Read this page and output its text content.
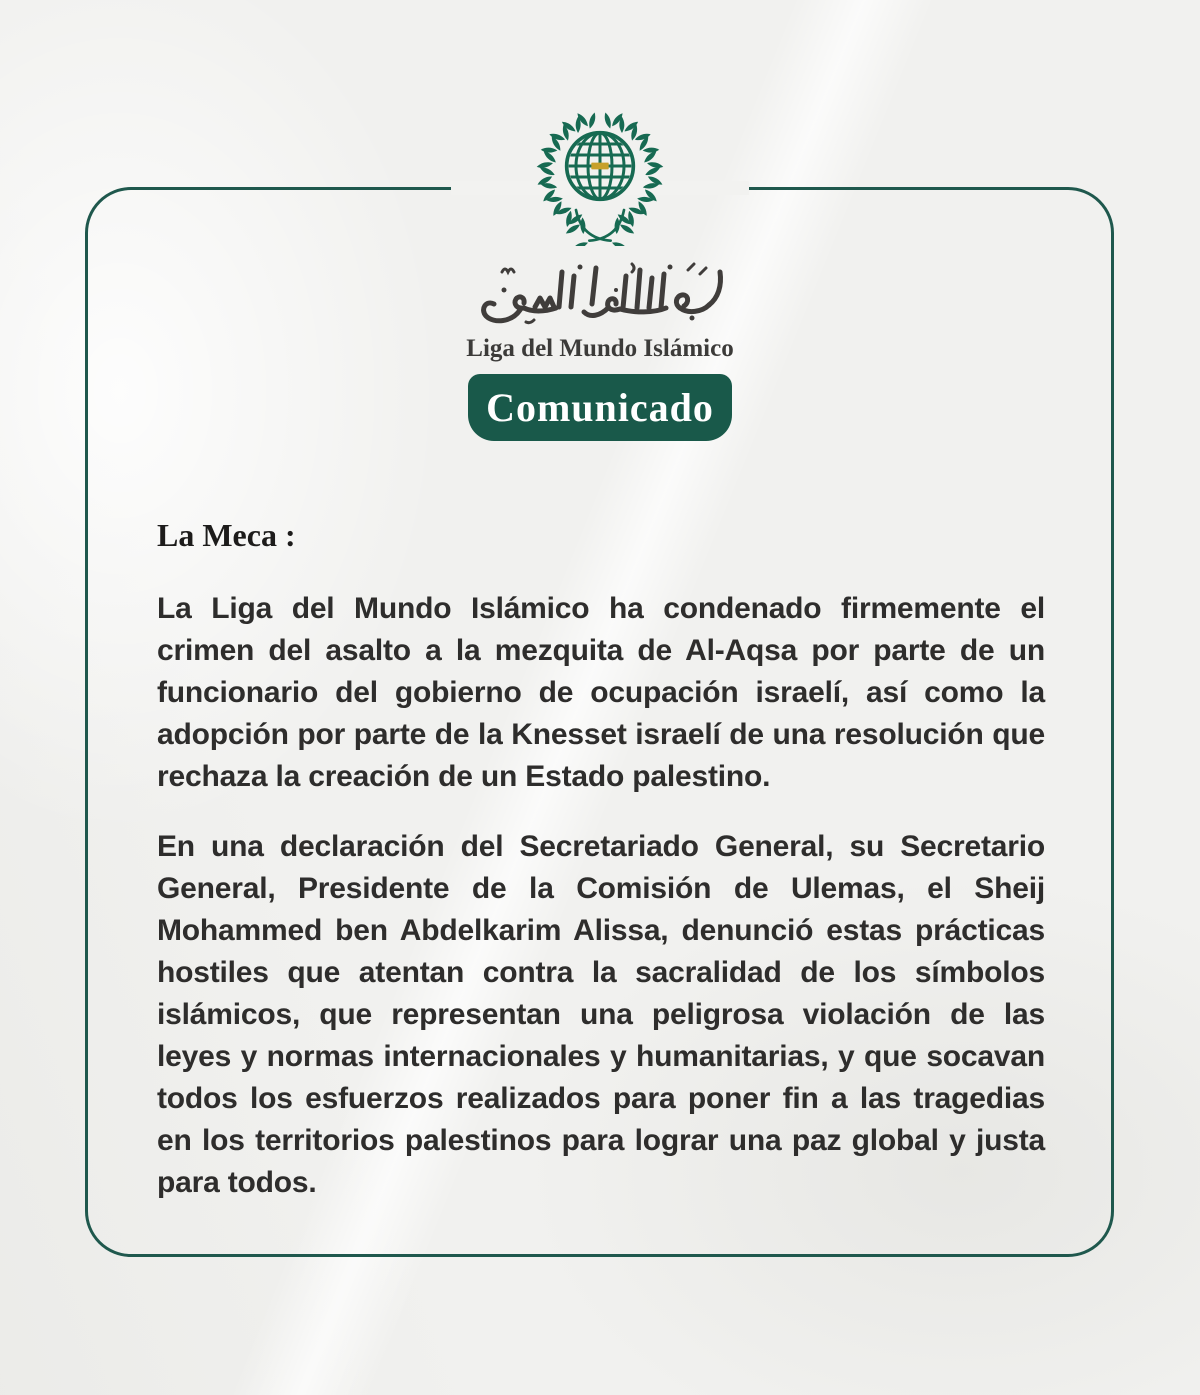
Liga del Mundo Islámico
Comunicado
La Meca :

La Liga del Mundo Islámico ha condenado firmemente el crimen del asalto a la mezquita de Al-Aqsa por parte de un funcionario del gobierno de ocupación israelí, así como la adopción por parte de la Knesset israelí de una resolución que rechaza la creación de un Estado palestino.

En una declaración del Secretariado General, su Secretario General, Presidente de la Comisión de Ulemas, el Sheij Mohammed ben Abdelkarim Alissa, denunció estas prácticas hostiles que atentan contra la sacralidad de los símbolos islámicos, que representan una peligrosa violación de las leyes y normas internacionales y humanitarias, y que socavan todos los esfuerzos realizados para poner fin a las tragedias en los territorios palestinos para lograr una paz global y justa para todos.
